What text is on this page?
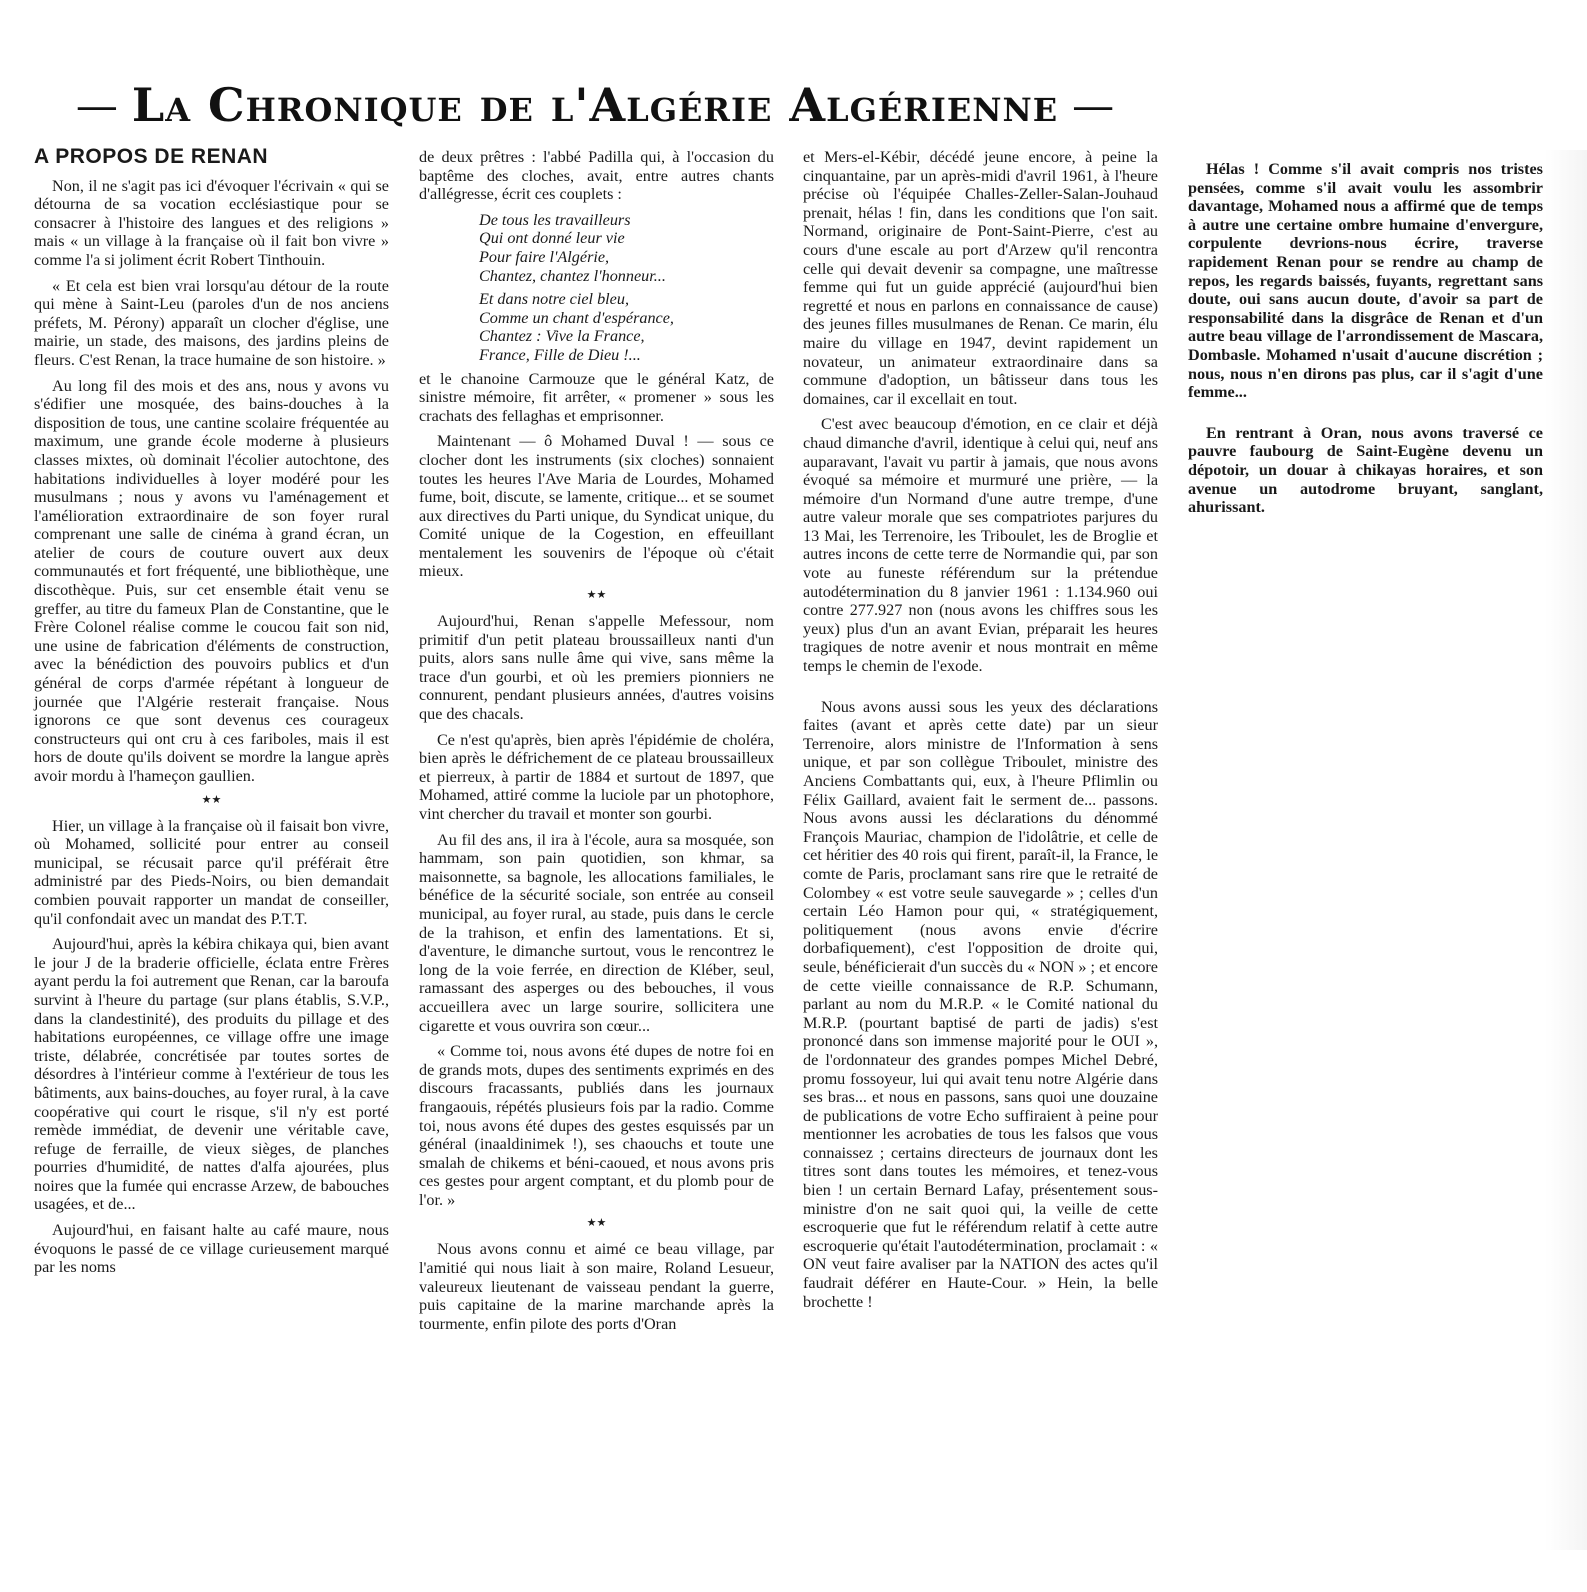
— La Chronique de l'Algérie Algérienne —
A PROPOS DE RENAN

Non, il ne s'agit pas ici d'évoquer l'écrivain « qui se détourna de sa vocation ecclésiastique pour se consacrer à l'histoire des langues et des religions » mais « un village à la française où il fait bon vivre » comme l'a si joliment écrit Robert Tinthouin.

« Et cela est bien vrai lorsqu'au détour de la route qui mène à Saint-Leu (paroles d'un de nos anciens préfets, M. Pérony) apparaît un clocher d'église, une mairie, un stade, des maisons, des jardins pleins de fleurs. C'est Renan, la trace humaine de son histoire. »

Au long fil des mois et des ans, nous y avons vu s'édifier une mosquée, des bains-douches à la disposition de tous, une cantine scolaire fréquentée au maximum, une grande école moderne à plusieurs classes mixtes, où dominait l'écolier autochtone, des habitations individuelles à loyer modéré pour les musulmans ; nous y avons vu l'aménagement et l'amélioration extraordinaire de son foyer rural comprenant une salle de cinéma à grand écran, un atelier de cours de couture ouvert aux deux communautés et fort fréquenté, une bibliothèque, une discothèque. Puis, sur cet ensemble était venu se greffer, au titre du fameux Plan de Constantine, que le Frère Colonel réalise comme le coucou fait son nid, une usine de fabrication d'éléments de construction, avec la bénédiction des pouvoirs publics et d'un général de corps d'armée répétant à longueur de journée que l'Algérie resterait française. Nous ignorons ce que sont devenus ces courageux constructeurs qui ont cru à ces fariboles, mais il est hors de doute qu'ils doivent se mordre la langue après avoir mordu à l'hameçon gaullien.

★★

Hier, un village à la française où il faisait bon vivre, où Mohamed, sollicité pour entrer au conseil municipal, se récusait parce qu'il préférait être administré par des Pieds-Noirs, ou bien demandait combien pouvait rapporter un mandat de conseiller, qu'il confondait avec un mandat des P.T.T.

Aujourd'hui, après la kébira chikaya qui, bien avant le jour J de la braderie officielle, éclata entre Frères ayant perdu la foi autrement que Renan, car la baroufa survint à l'heure du partage (sur plans établis, S.V.P., dans la clandestinité), des produits du pillage et des habitations européennes, ce village offre une image triste, délabrée, concrétisée par toutes sortes de désordres à l'intérieur comme à l'extérieur de tous les bâtiments, aux bains-douches, au foyer rural, à la cave coopérative qui court le risque, s'il n'y est porté remède immédiat, de devenir une véritable cave, refuge de ferraille, de vieux sièges, de planches pourries d'humidité, de nattes d'alfa ajourées, plus noires que la fumée qui encrasse Arzew, de babouches usagées, et de...

Aujourd'hui, en faisant halte au café maure, nous évoquons le passé de ce village curieusement marqué par les noms

de deux prêtres : l'abbé Padilla qui, à l'occasion du baptême des cloches, avait, entre autres chants d'allégresse, écrit ces couplets :

De tous les travailleurs
Qui ont donné leur vie
Pour faire l'Algérie,
Chantez, chantez l'honneur...
Et dans notre ciel bleu,
Comme un chant d'espérance,
Chantez : Vive la France,
France, Fille de Dieu !...

et le chanoine Carmouze que le général Katz, de sinistre mémoire, fit arrêter, « promener » sous les crachats des fellaghas et emprisonner.

Maintenant — ô Mohamed Duval ! — sous ce clocher dont les instruments (six cloches) sonnaient toutes les heures l'Ave Maria de Lourdes, Mohamed fume, boit, discute, se lamente, critique... et se soumet aux directives du Parti unique, du Syndicat unique, du Comité unique de la Cogestion, en effeuillant mentalement les souvenirs de l'époque où c'était mieux.

★★

Aujourd'hui, Renan s'appelle Mefessour, nom primitif d'un petit plateau broussailleux nanti d'un puits, alors sans nulle âme qui vive, sans même la trace d'un gourbi, et où les premiers pionniers ne connurent, pendant plusieurs années, d'autres voisins que des chacals.

Ce n'est qu'après, bien après l'épidémie de choléra, bien après le défrichement de ce plateau broussailleux et pierreux, à partir de 1884 et surtout de 1897, que Mohamed, attiré comme la luciole par un photophore, vint chercher du travail et monter son gourbi.

Au fil des ans, il ira à l'école, aura sa mosquée, son hammam, son pain quotidien, son khmar, sa maisonnette, sa bagnole, les allocations familiales, le bénéfice de la sécurité sociale, son entrée au conseil municipal, au foyer rural, au stade, puis dans le cercle de la trahison, et enfin des lamentations. Et si, d'aventure, le dimanche surtout, vous le rencontrez le long de la voie ferrée, en direction de Kléber, seul, ramassant des asperges ou des bebouches, il vous accueillera avec un large sourire, sollicitera une cigarette et vous ouvrira son cœur...

« Comme toi, nous avons été dupes de notre foi en de grands mots, dupes des sentiments exprimés en des discours fracassants, publiés dans les journaux frangaouis, répétés plusieurs fois par la radio. Comme toi, nous avons été dupes des gestes esquissés par un général (inaaldinimek !), ses chaouchs et toute une smalah de chikems et béni-caoued, et nous avons pris ces gestes pour argent comptant, et du plomb pour de l'or. »

★★

Nous avons connu et aimé ce beau village, par l'amitié qui nous liait à son maire, Roland Lesueur, valeureux lieutenant de vaisseau pendant la guerre, puis capitaine de la marine marchande après la tourmente, enfin pilote des ports d'Oran

et Mers-el-Kébir, décédé jeune encore, à peine la cinquantaine, par un après-midi d'avril 1961, à l'heure précise où l'équipée Challes-Zeller-Salan-Jouhaud prenait, hélas ! fin, dans les conditions que l'on sait. Normand, originaire de Pont-Saint-Pierre, c'est au cours d'une escale au port d'Arzew qu'il rencontra celle qui devait devenir sa compagne, une maîtresse femme qui fut un guide apprécié (aujourd'hui bien regretté et nous en parlons en connaissance de cause) des jeunes filles musulmanes de Renan. Ce marin, élu maire du village en 1947, devint rapidement un novateur, un animateur extraordinaire dans sa commune d'adoption, un bâtisseur dans tous les domaines, car il excellait en tout.

C'est avec beaucoup d'émotion, en ce clair et déjà chaud dimanche d'avril, identique à celui qui, neuf ans auparavant, l'avait vu partir à jamais, que nous avons évoqué sa mémoire et murmuré une prière, — la mémoire d'un Normand d'une autre trempe, d'une autre valeur morale que ses compatriotes parjures du 13 Mai, les Terrenoire, les Triboulet, les de Broglie et autres incons de cette terre de Normandie qui, par son vote au funeste référendum sur la prétendue autodétermination du 8 janvier 1961 : 1.134.960 oui contre 277.927 non (nous avons les chiffres sous les yeux) plus d'un an avant Evian, préparait les heures tragiques de notre avenir et nous montrait en même temps le chemin de l'exode.

Nous avons aussi sous les yeux des déclarations faites (avant et après cette date) par un sieur Terrenoire, alors ministre de l'Information à sens unique, et par son collègue Triboulet, ministre des Anciens Combattants qui, eux, à l'heure Pflimlin ou Félix Gaillard, avaient fait le serment de... passons. Nous avons aussi les déclarations du dénommé François Mauriac, champion de l'idolâtrie, et celle de cet héritier des 40 rois qui firent, paraît-il, la France, le comte de Paris, proclamant sans rire que le retraité de Colombey « est votre seule sauvegarde » ; celles d'un certain Léo Hamon pour qui, « stratégiquement, politiquement (nous avons envie d'écrire dorbafiquement), c'est l'opposition de droite qui, seule, bénéficierait d'un succès du « NON » ; et encore de cette vieille connaissance de R.P. Schumann, parlant au nom du M.R.P. « le Comité national du M.R.P. (pourtant baptisé de parti de jadis) s'est prononcé dans son immense majorité pour le OUI », de l'ordonnateur des grandes pompes Michel Debré, promu fossoyeur, lui qui avait tenu notre Algérie dans ses bras... et nous en passons, sans quoi une douzaine de publications de votre Echo suffiraient à peine pour mentionner les acrobaties de tous les falsos que vous connaissez ; certains directeurs de journaux dont les titres sont dans toutes les mémoires, et tenez-vous bien ! un certain Bernard Lafay, présentement sous-ministre d'on ne sait quoi qui, la veille de cette escroquerie que fut le référendum relatif à cette autre escroquerie qu'était l'autodétermination, proclamait : « ON veut faire avaliser par la NATION des actes qu'il faudrait déférer en Haute-Cour. » Hein, la belle brochette !

Hélas ! Comme s'il avait compris nos tristes pensées, comme s'il avait voulu les assombrir davantage, Mohamed nous a affirmé que de temps à autre une certaine ombre humaine d'envergure, corpulente devrions-nous écrire, traverse rapidement Renan pour se rendre au champ de repos, les regards baissés, fuyants, regrettant sans doute, oui sans aucun doute, d'avoir sa part de responsabilité dans la disgrâce de Renan et d'un autre beau village de l'arrondissement de Mascara, Dombasle. Mohamed n'usait d'aucune discrétion ; nous, nous n'en dirons pas plus, car il s'agit d'une femme...

En rentrant à Oran, nous avons traversé ce pauvre faubourg de Saint-Eugène devenu un dépotoir, un douar à chikayas horaires, et son avenue un autodrome bruyant, sanglant, ahurissant.
